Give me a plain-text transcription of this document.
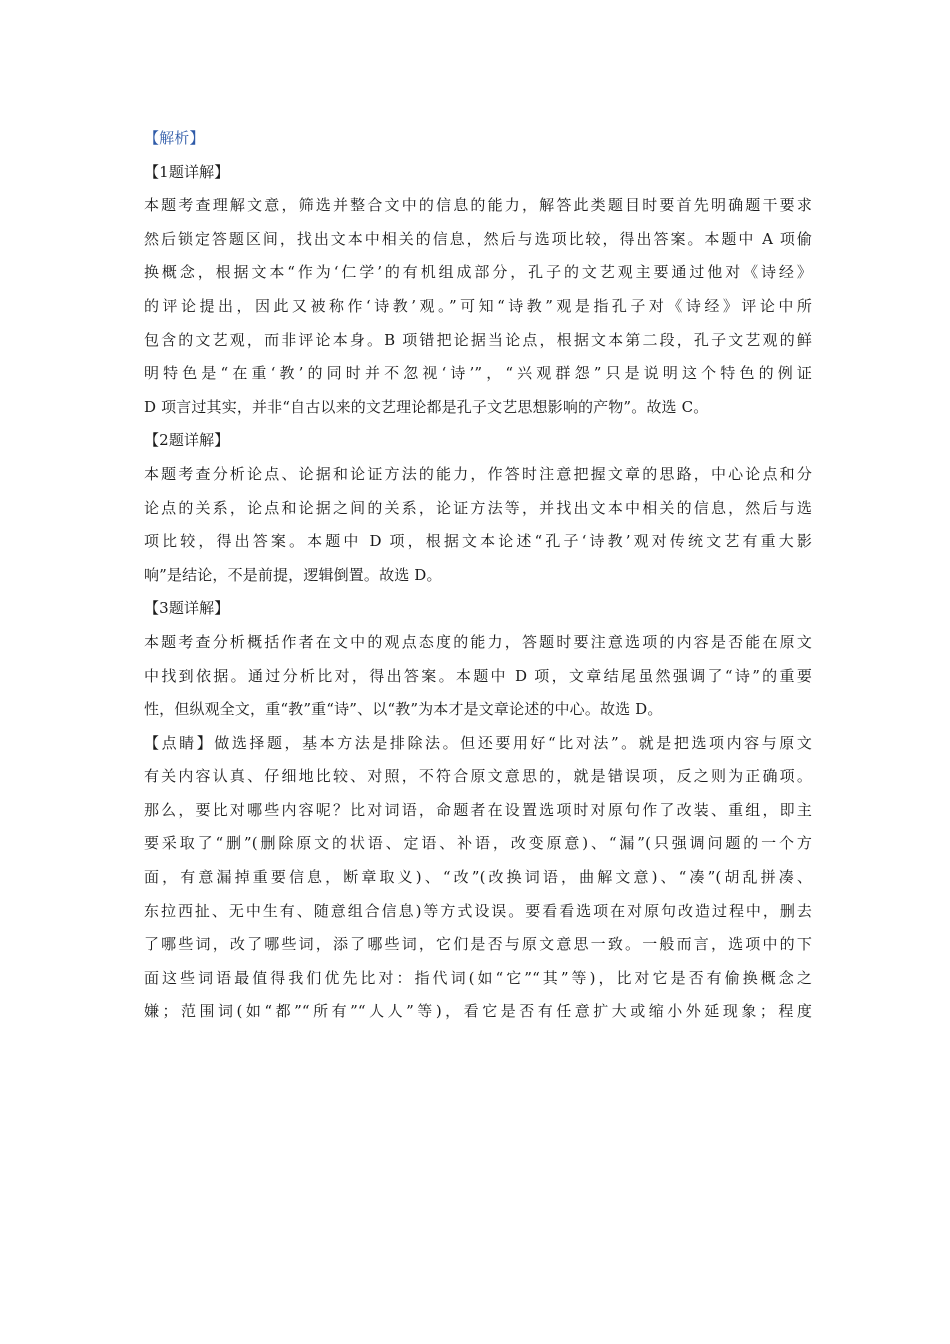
【解析】
【1题详解】
本题考查理解文意，筛选并整合文中的信息的能力，解答此类题目时要首先明确题干要求
然后锁定答题区间，找出文本中相关的信息，然后与选项比较，得出答案。本题中 A 项偷
换概念，根据文本“作为‘仁学’的有机组成部分，孔子的文艺观主要通过他对《诗经》
的评论提出，因此又被称作‘诗教’观。”可知“诗教”观是指孔子对《诗经》评论中所
包含的文艺观，而非评论本身。B 项错把论据当论点，根据文本第二段，孔子文艺观的鲜
明特色是“在重‘教’的同时并不忽视‘诗’”，“兴观群怨”只是说明这个特色的例证
D 项言过其实，并非“自古以来的文艺理论都是孔子文艺思想影响的产物”。故选 C。
【2题详解】
本题考查分析论点、论据和论证方法的能力，作答时注意把握文章的思路，中心论点和分
论点的关系，论点和论据之间的关系，论证方法等，并找出文本中相关的信息，然后与选
项比较，得出答案。本题中 D 项，根据文本论述“孔子‘诗教’观对传统文艺有重大影
响”是结论，不是前提，逻辑倒置。故选 D。
【3题详解】
本题考查分析概括作者在文中的观点态度的能力，答题时要注意选项的内容是否能在原文
中找到依据。通过分析比对，得出答案。本题中 D 项，文章结尾虽然强调了“诗”的重要
性，但纵观全文，重“教”重“诗”、以“教”为本才是文章论述的中心。故选 D。
【点睛】做选择题，基本方法是排除法。但还要用好“比对法”。就是把选项内容与原文
有关内容认真、仔细地比较、对照，不符合原文意思的，就是错误项，反之则为正确项。
那么，要比对哪些内容呢？比对词语，命题者在设置选项时对原句作了改装、重组，即主
要采取了“删”(删除原文的状语、定语、补语，改变原意)、“漏”(只强调问题的一个方
面，有意漏掉重要信息，断章取义)、“改”(改换词语，曲解文意)、“凑”(胡乱拼凑、
东拉西扯、无中生有、随意组合信息)等方式设误。要看看选项在对原句改造过程中，删去
了哪些词，改了哪些词，添了哪些词，它们是否与原文意思一致。一般而言，选项中的下
面这些词语最值得我们优先比对：指代词(如“它”“其”等)，比对它是否有偷换概念之
嫌；范围词(如“都”“所有”“人人”等)，看它是否有任意扩大或缩小外延现象；程度
